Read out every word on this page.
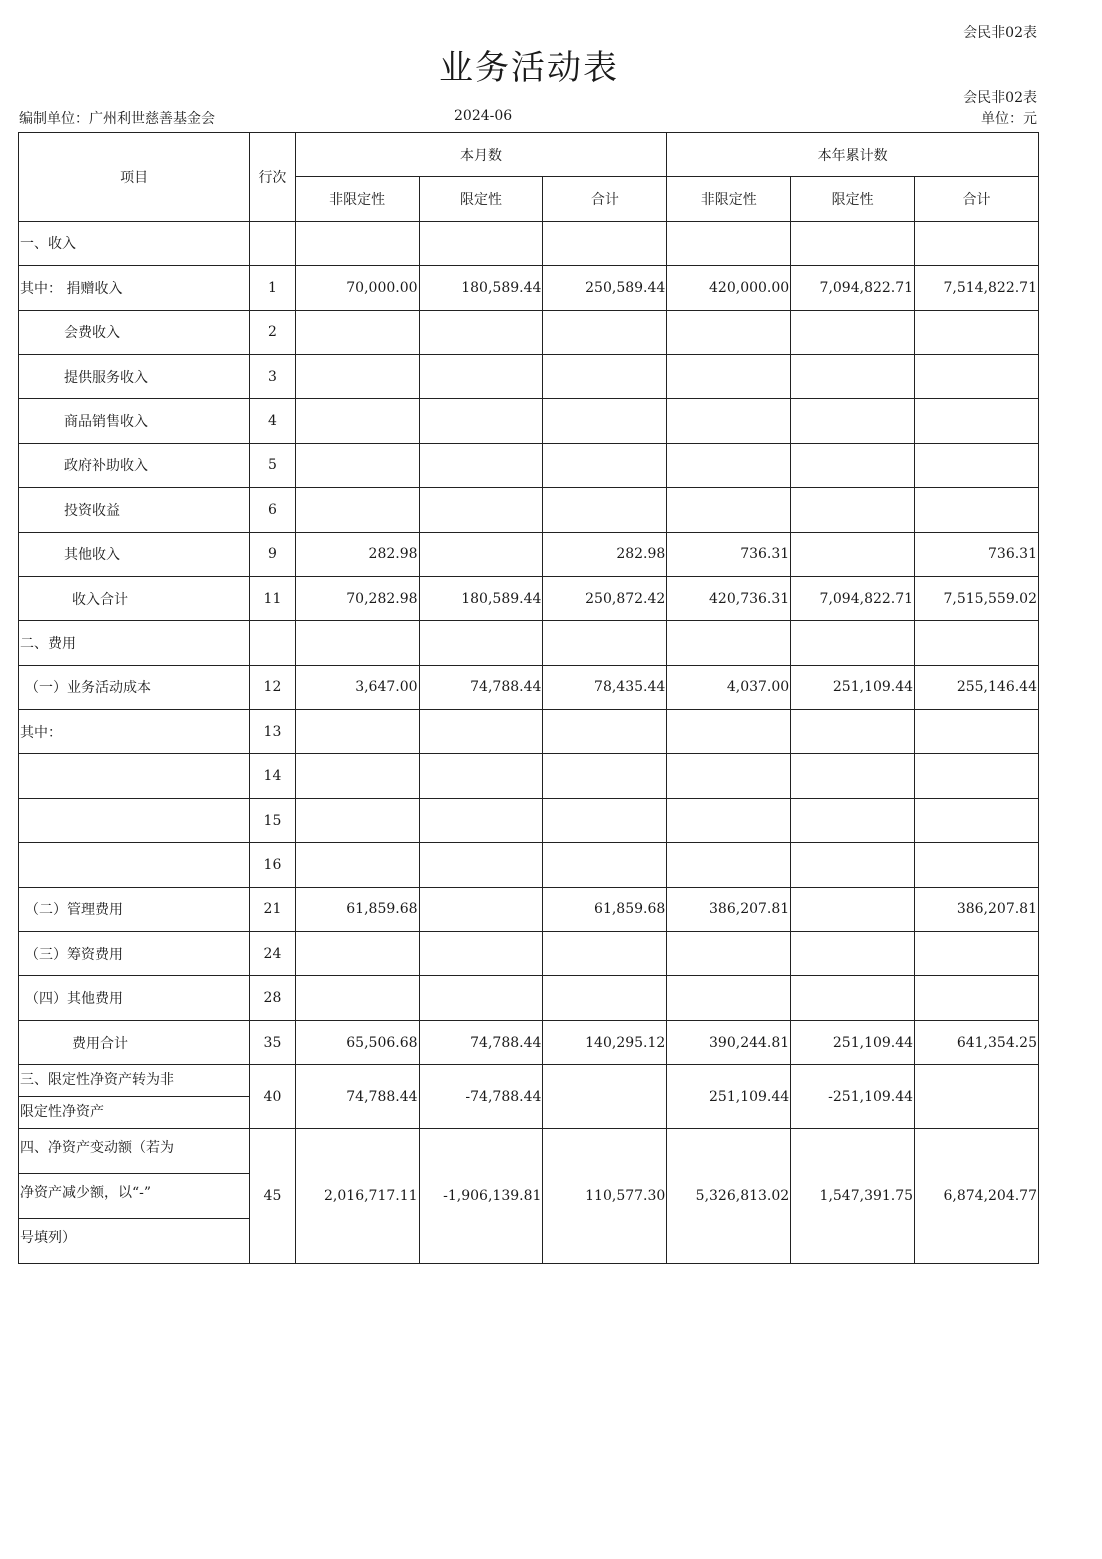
会民非02表
业务活动表
会民非02表
编制单位：广州利世慈善基金会	2024-06	单位：元
项目	行次	本月数			本年累计数		
		非限定性	限定性	合计	非限定性	限定性	合计
一、收入							
其中： 捐赠收入	1	70,000.00	180,589.44	250,589.44	420,000.00	7,094,822.71	7,514,822.71
会费收入	2						
提供服务收入	3						
商品销售收入	4						
政府补助收入	5						
投资收益	6						
其他收入	9	282.98		282.98	736.31		736.31
收入合计	11	70,282.98	180,589.44	250,872.42	420,736.31	7,094,822.71	7,515,559.02
二、费用							
（一）业务活动成本	12	3,647.00	74,788.44	78,435.44	4,037.00	251,109.44	255,146.44
其中：	13						
	14						
	15						
	16						
（二）管理费用	21	61,859.68		61,859.68	386,207.81		386,207.81
（三）筹资费用	24						
（四）其他费用	28						
费用合计	35	65,506.68	74,788.44	140,295.12	390,244.81	251,109.44	641,354.25

三、限定性净资产转为非
限定性净资产	40	74,788.44	-74,788.44		251,109.44	-251,109.44	

四、净资产变动额（若为
净资产减少额，以“-”
号填列）	45	2,016,717.11	-1,906,139.81	110,577.30	5,326,813.02	1,547,391.75	6,874,204.77
